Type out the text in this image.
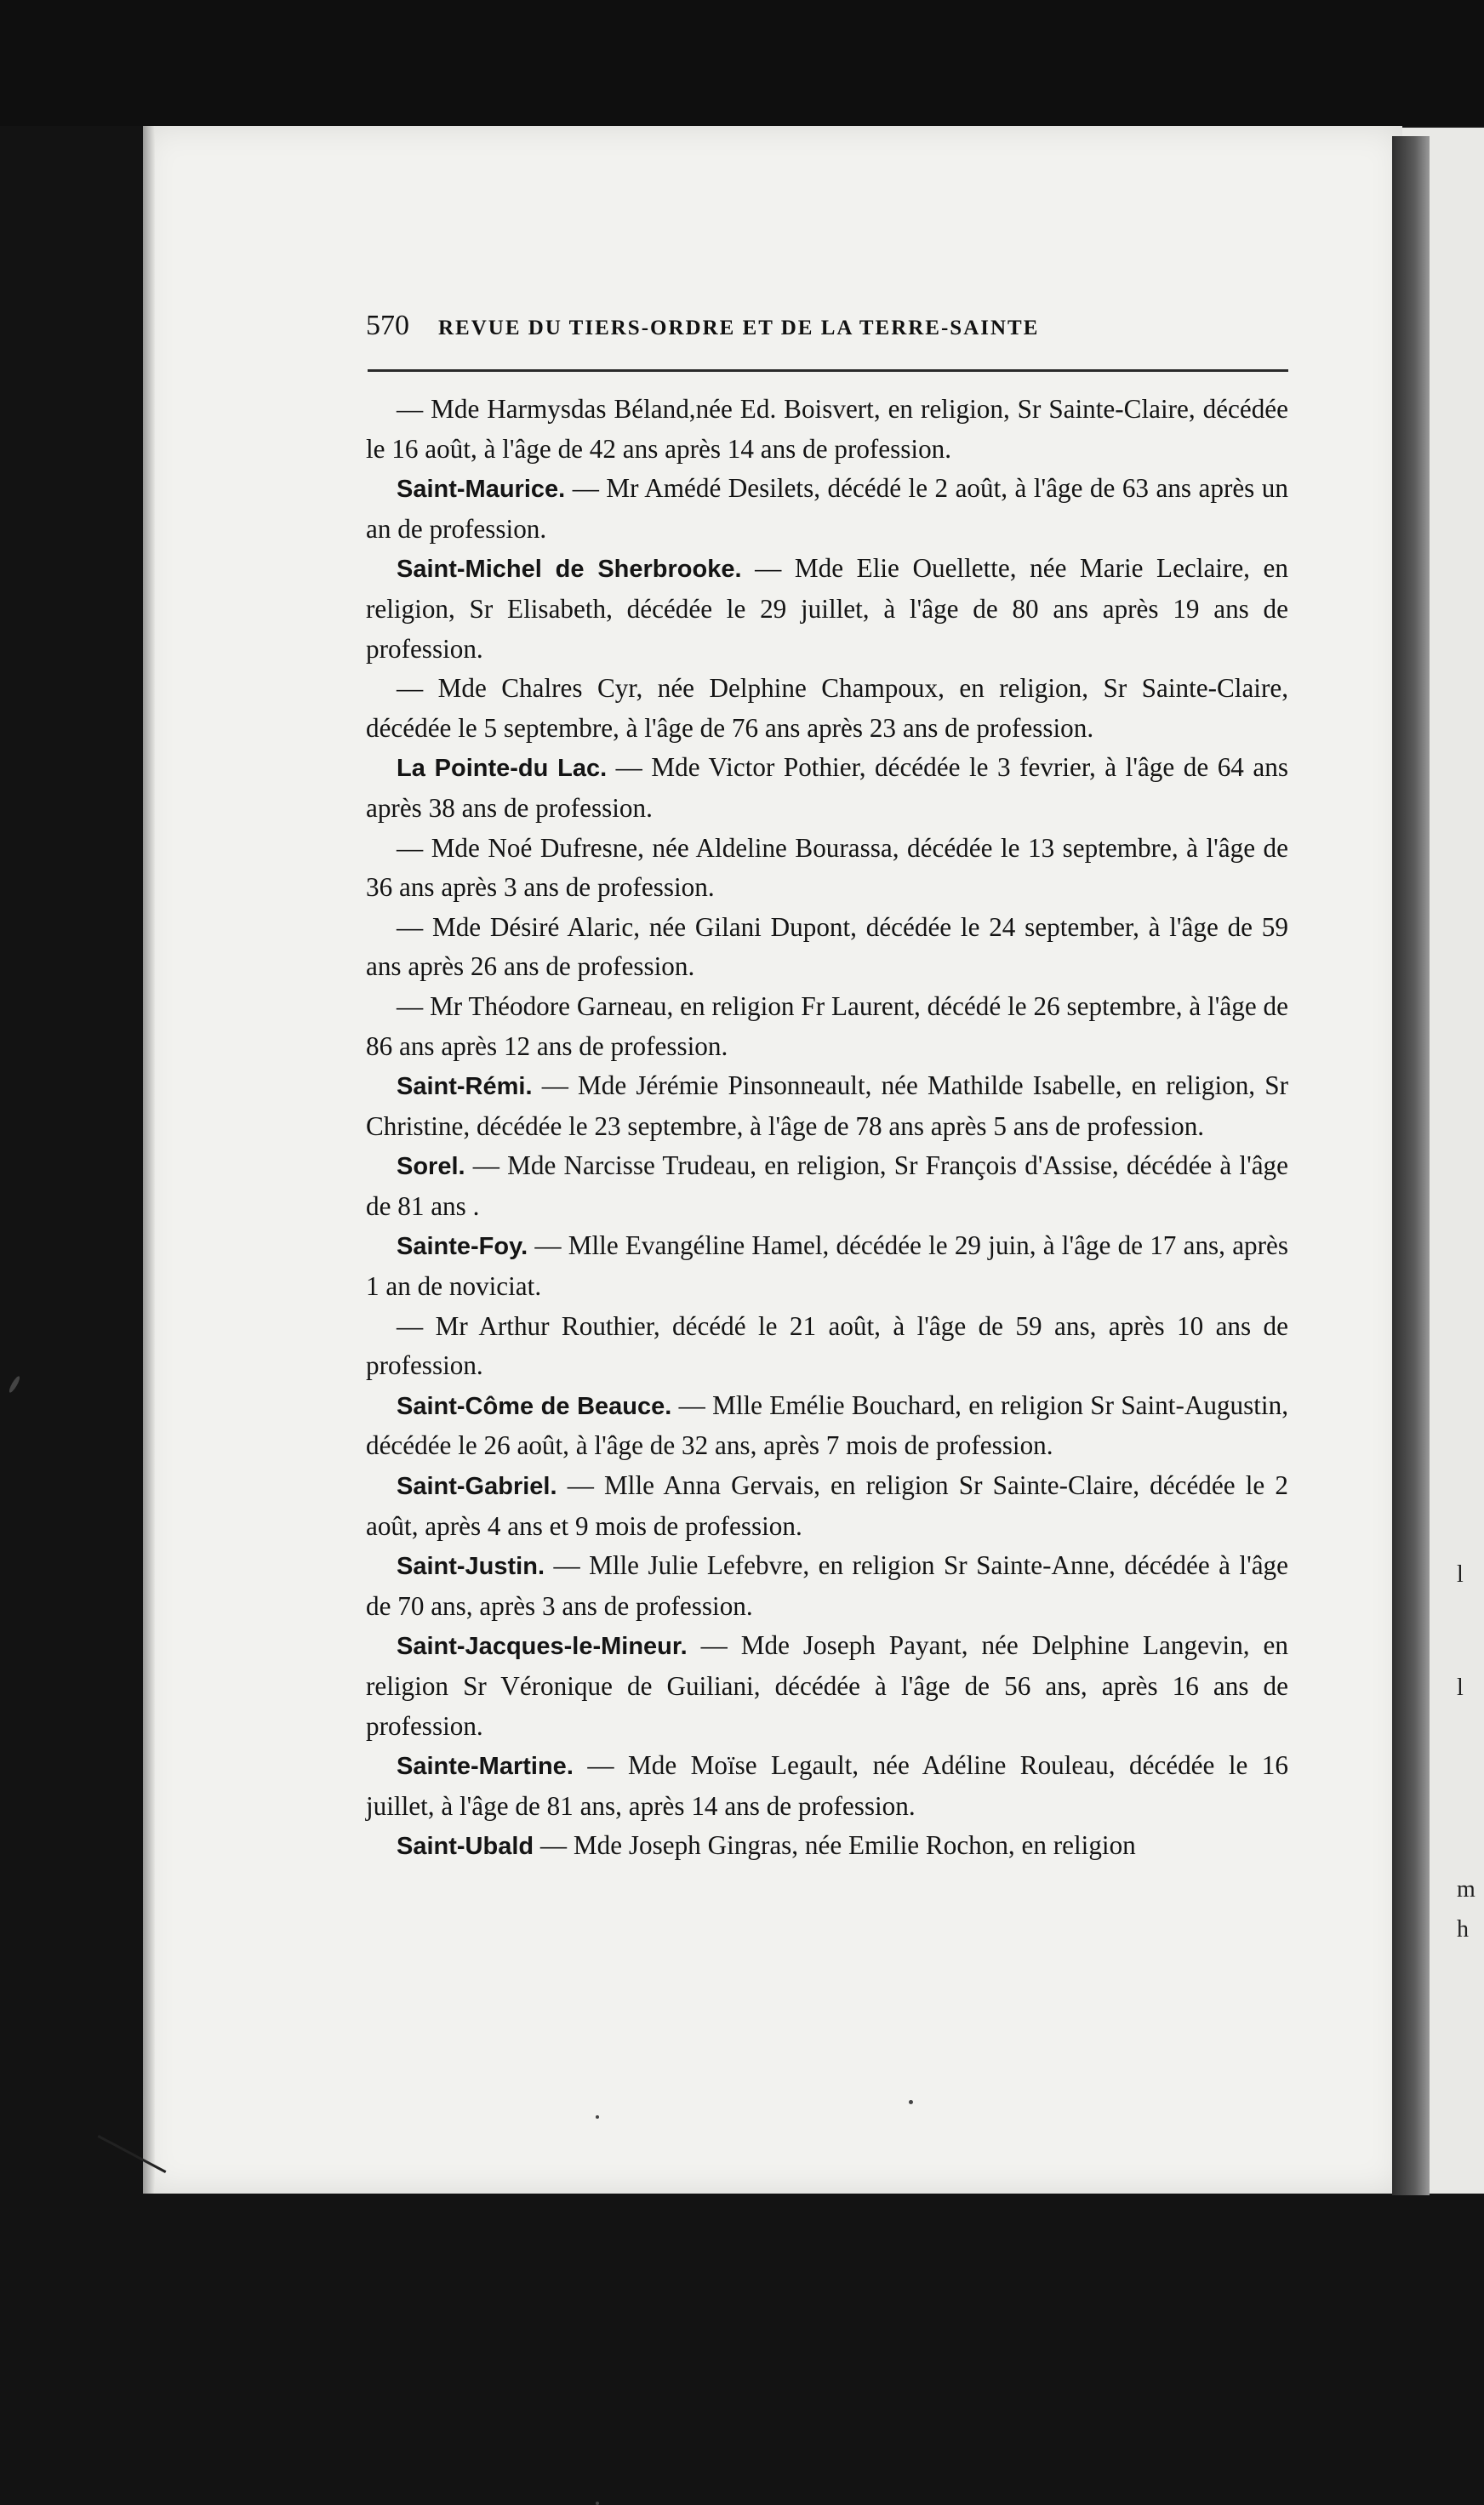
l
l
m
h
570 REVUE DU TIERS-ORDRE ET DE LA TERRE-SAINTE

— Mde Harmysdas Béland,née Ed. Boisvert, en religion, Sr Sainte-Claire, décédée le 16 août, à l'âge de 42 ans après 14 ans de profession.

Saint-Maurice. — Mr Amédé Desilets, décédé le 2 août, à l'âge de 63 ans après un an de profession.

Saint-Michel de Sherbrooke. — Mde Elie Ouellette, née Marie Leclaire, en religion, Sr Elisabeth, décédée le 29 juillet, à l'âge de 80 ans après 19 ans de profession.

— Mde Chalres Cyr, née Delphine Champoux, en religion, Sr Sainte-Claire, décédée le 5 septembre, à l'âge de 76 ans après 23 ans de profession.

La Pointe-du Lac. — Mde Victor Pothier, décédée le 3 fevrier, à l'âge de 64 ans après 38 ans de profession.

— Mde Noé Dufresne, née Aldeline Bourassa, décédée le 13 septembre, à l'âge de 36 ans après 3 ans de profession.

— Mde Désiré Alaric, née Gilani Dupont, décédée le 24 september, à l'âge de 59 ans après 26 ans de profession.

— Mr Théodore Garneau, en religion Fr Laurent, décédé le 26 septembre, à l'âge de 86 ans après 12 ans de profession.

Saint-Rémi. — Mde Jérémie Pinsonneault, née Mathilde Isabelle, en religion, Sr Christine, décédée le 23 septembre, à l'âge de 78 ans après 5 ans de profession.

Sorel. — Mde Narcisse Trudeau, en religion, Sr François d'Assise, décédée à l'âge de 81 ans .

Sainte-Foy. — Mlle Evangéline Hamel, décédée le 29 juin, à l'âge de 17 ans, après 1 an de noviciat.

— Mr Arthur Routhier, décédé le 21 août, à l'âge de 59 ans, après 10 ans de profession.

Saint-Côme de Beauce. — Mlle Emélie Bouchard, en religion Sr Saint-Augustin, décédée le 26 août, à l'âge de 32 ans, après 7 mois de profession.

Saint-Gabriel. — Mlle Anna Gervais, en religion Sr Sainte-Claire, décédée le 2 août, après 4 ans et 9 mois de profession.

Saint-Justin. — Mlle Julie Lefebvre, en religion Sr Sainte-Anne, décédée à l'âge de 70 ans, après 3 ans de profession.

Saint-Jacques-le-Mineur. — Mde Joseph Payant, née Delphine Langevin, en religion Sr Véronique de Guiliani, décédée à l'âge de 56 ans, après 16 ans de profession.

Sainte-Martine. — Mde Moïse Legault, née Adéline Rouleau, décédée le 16 juillet, à l'âge de 81 ans, après 14 ans de profession.

Saint-Ubald — Mde Joseph Gingras, née Emilie Rochon, en religion
